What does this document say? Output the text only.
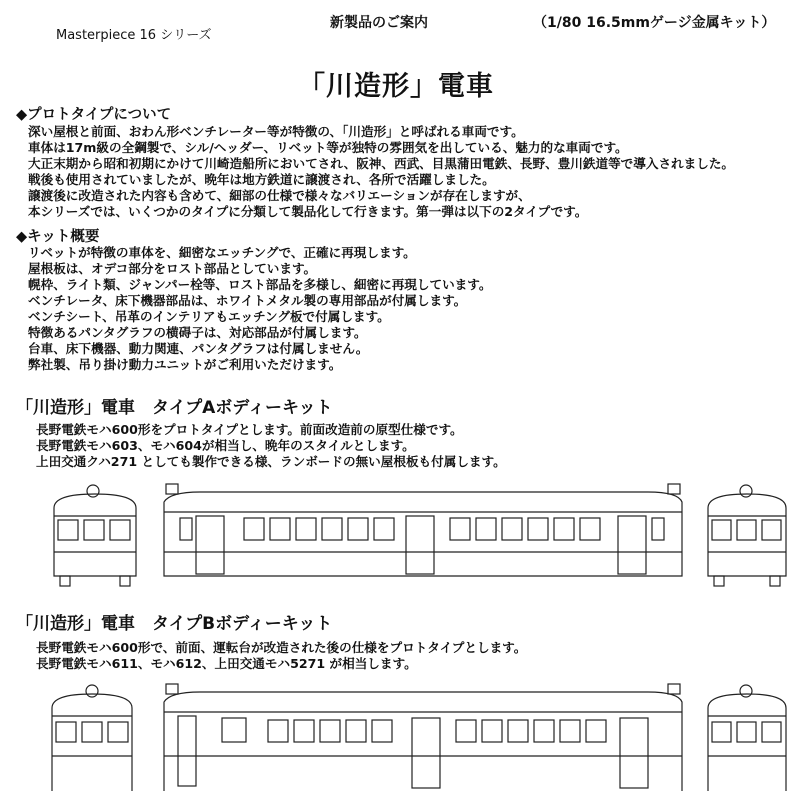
Masterpiece 16 シリーズ
新製品のご案内	（1/80 16.5mmゲージ金属キット）
「川造形」電車
◆プロトタイプについて
深い屋根と前面、おわん形ベンチレーター等が特徴の、「川造形」と呼ばれる車両です。
車体は17m級の全鋼製で、シル/ヘッダー、リベット等が独特の雰囲気を出している、魅力的な車両です。
大正末期から昭和初期にかけて川崎造船所においてされ、阪神、西武、目黒蒲田電鉄、長野、豊川鉄道等で導入されました。
戦後も使用されていましたが、晩年は地方鉄道に譲渡され、各所で活躍しました。
譲渡後に改造された内容も含めて、細部の仕様で様々なバリエーションが存在しますが、
本シリーズでは、いくつかのタイプに分類して製品化して行きます。第一弾は以下の2タイプです。
◆キット概要
リベットが特徴の車体を、細密なエッチングで、正確に再現します。
屋根板は、オデコ部分をロスト部品としています。
幌枠、ライト類、ジャンパー栓等、ロスト部品を多様し、細密に再現しています。
ベンチレータ、床下機器部品は、ホワイトメタル製の専用部品が付属します。
ベンチシート、吊革のインテリアもエッチング板で付属します。
特徴あるパンタグラフの横碍子は、対応部品が付属します。
台車、床下機器、動力関連、パンタグラフは付属しません。
弊社製、吊り掛け動力ユニットがご利用いただけます。
「川造形」電車　タイプAボディーキット
長野電鉄モハ600形をプロトタイプとします。前面改造前の原型仕様です。
長野電鉄モハ603、モハ604が相当し、晩年のスタイルとします。
上田交通クハ271 としても製作できる様、ランボードの無い屋根板も付属します。
「川造形」電車　タイプBボディーキット
長野電鉄モハ600形で、前面、運転台が改造された後の仕様をプロトタイプとします。
長野電鉄モハ611、モハ612、上田交通モハ5271 が相当します。
